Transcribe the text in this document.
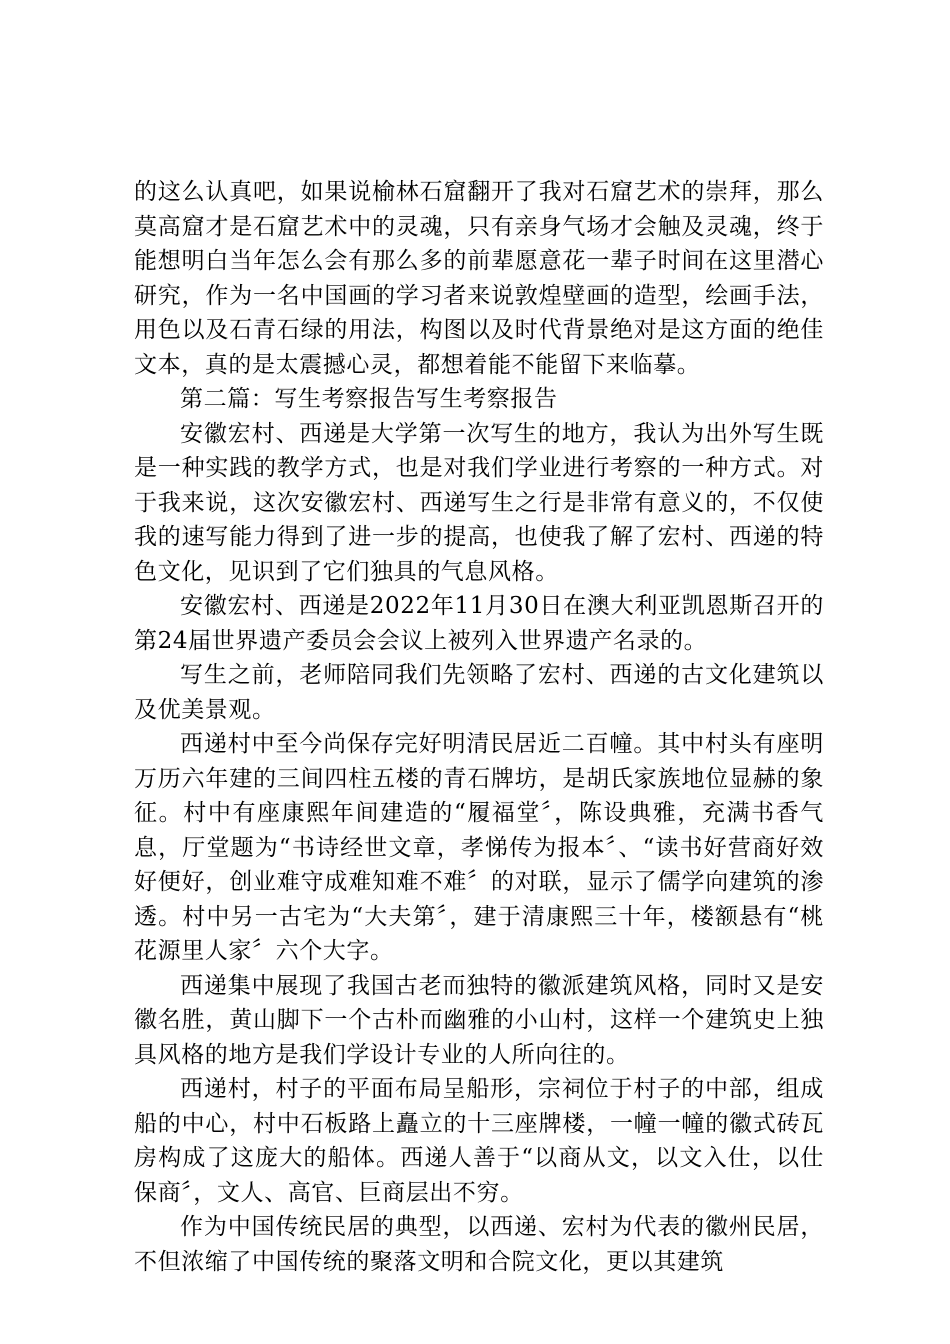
的这么认真吧，如果说榆林石窟翻开了我对石窟艺术的崇拜，那么莫高窟才是石窟艺术中的灵魂，只有亲身气场才会触及灵魂，终于能想明白当年怎么会有那么多的前辈愿意花一辈子时间在这里潜心研究，作为一名中国画的学习者来说敦煌壁画的造型，绘画手法，用色以及石青石绿的用法，构图以及时代背景绝对是这方面的绝佳文本，真的是太震撼心灵，都想着能不能留下来临摹。

第二篇：写生考察报告写生考察报告

安徽宏村、西递是大学第一次写生的地方，我认为出外写生既是一种实践的教学方式，也是对我们学业进行考察的一种方式。对于我来说，这次安徽宏村、西递写生之行是非常有意义的，不仅使我的速写能力得到了进一步的提高，也使我了解了宏村、西递的特色文化，见识到了它们独具的气息风格。

安徽宏村、西递是2022年11月30日在澳大利亚凯恩斯召开的第24届世界遗产委员会会议上被列入世界遗产名录的。

写生之前，老师陪同我们先领略了宏村、西递的古文化建筑以及优美景观。

西递村中至今尚保存完好明清民居近二百幢。其中村头有座明万历六年建的三间四柱五楼的青石牌坊，是胡氏家族地位显赫的象征。村中有座康熙年间建造的“履福堂〞，陈设典雅，充满书香气息，厅堂题为“书诗经世文章，孝悌传为报本〞、“读书好营商好效好便好，创业难守成难知难不难〞的对联，显示了儒学向建筑的渗透。村中另一古宅为“大夫第〞，建于清康熙三十年，楼额悬有“桃花源里人家〞六个大字。

西递集中展现了我国古老而独特的徽派建筑风格，同时又是安徽名胜，黄山脚下一个古朴而幽雅的小山村，这样一个建筑史上独具风格的地方是我们学设计专业的人所向往的。

西递村，村子的平面布局呈船形，宗祠位于村子的中部，组成船的中心，村中石板路上矗立的十三座牌楼，一幢一幢的徽式砖瓦房构成了这庞大的船体。西递人善于“以商从文，以文入仕，以仕保商〞，文人、高官、巨商层出不穷。

作为中国传统民居的典型，以西递、宏村为代表的徽州民居，不但浓缩了中国传统的聚落文明和合院文化，更以其建筑
